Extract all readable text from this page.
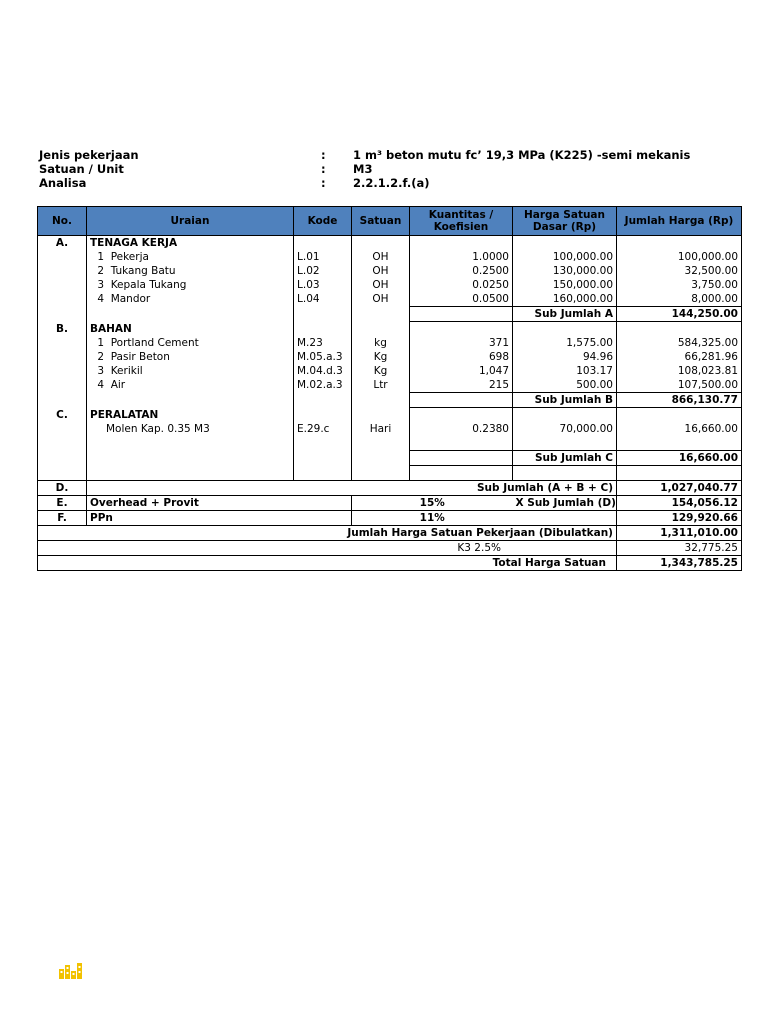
Jenis pekerjaan	: 1 m³ beton mutu fc’ 19,3 MPa (K225) -semi mekanis
Satuan / Unit	: M3
Analisa	: 2.2.1.2.f.(a)
No.	Uraian	Kode	Satuan	Kuantitas / Koefisien	Harga Satuan Dasar (Rp)	Jumlah Harga (Rp)
A.	TENAGA KERJA					
	1 Pekerja	L.01	OH	1.0000	100,000.00	100,000.00
	2 Tukang Batu	L.02	OH	0.2500	130,000.00	32,500.00
	3 Kepala Tukang	L.03	OH	0.0250	150,000.00	3,750.00
	4 Mandor	L.04	OH	0.0500	160,000.00	8,000.00
					Sub Jumlah A	144,250.00
B.	BAHAN					
	1 Portland Cement	M.23	kg	371	1,575.00	584,325.00
	2 Pasir Beton	M.05.a.3	Kg	698	94.96	66,281.96
	3 Kerikil	M.04.d.3	Kg	1,047	103.17	108,023.81
	4 Air	M.02.a.3	Ltr	215	500.00	107,500.00
					Sub Jumlah B	866,130.77
C.	PERALATAN					
	Molen Kap. 0.35 M3	E.29.c	Hari	0.2380	70,000.00	16,660.00

					Sub Jumlah C	16,660.00

D.	Sub Jumlah (A + B + C)					1,027,040.77
E.	Overhead + Provit		15%		X Sub Jumlah (D)	154,056.12
F.	PPn		11%			129,920.66
Jumlah Harga Satuan Pekerjaan (Dibulatkan)						1,311,010.00
K3 2.5%						32,775.25
Total Harga Satuan						1,343,785.25
